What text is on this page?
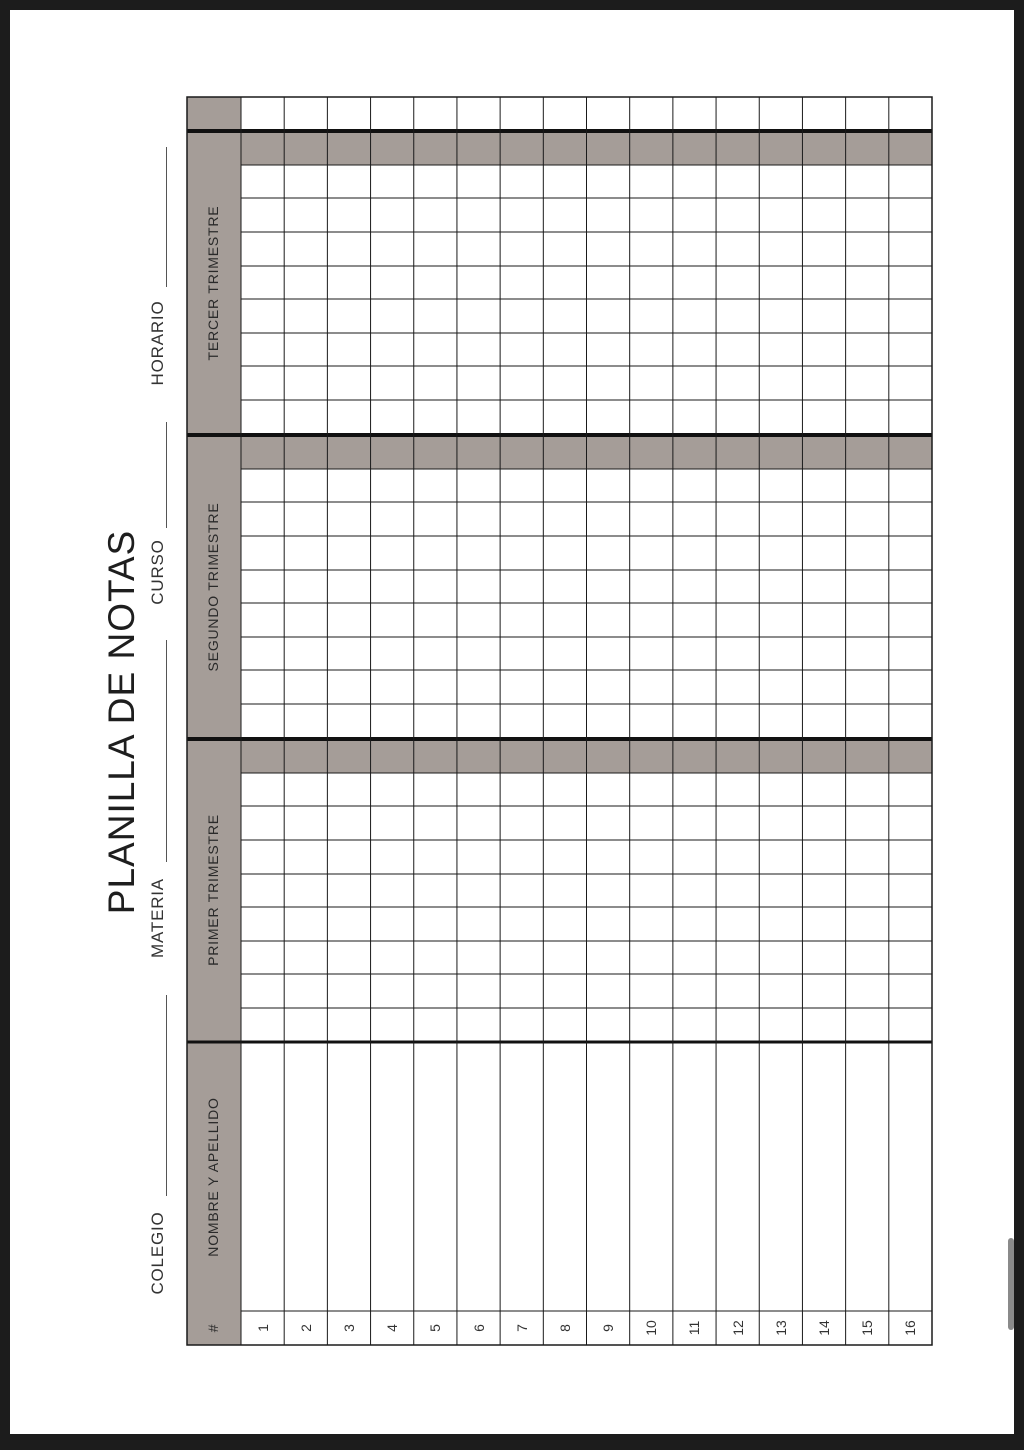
PLANILLA DE NOTAS
COLEGIO
MATERIA
CURSO
HORARIO
#
NOMBRE Y APELLIDO
PRIMER TRIMESTRE
SEGUNDO TRIMESTRE
TERCER TRIMESTRE
1 2 3 4 5 6 7 8 9 10 11 12 13 14 15 16
